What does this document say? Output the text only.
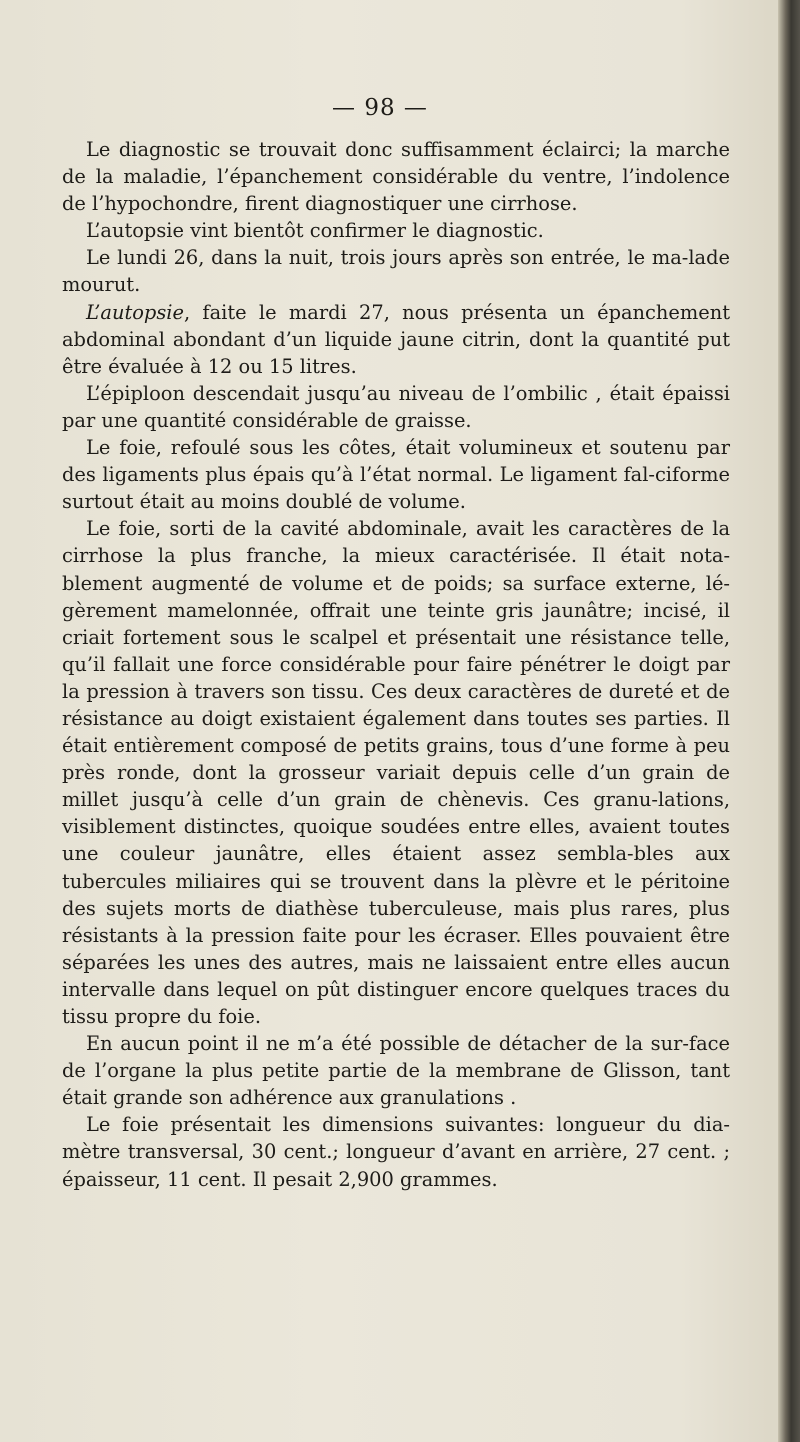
— 98 —

Le diagnostic se trouvait donc suffisamment éclairci; la marche de la maladie, l’épanchement considérable du ventre, l’indolence de l’hypochondre, firent diagnostiquer une cirrhose.

L’autopsie vint bientôt confirmer le diagnostic.

Le lundi 26, dans la nuit, trois jours après son entrée, le ma-lade mourut.

L’autopsie, faite le mardi 27, nous présenta un épanchement abdominal abondant d’un liquide jaune citrin, dont la quantité put être évaluée à 12 ou 15 litres.

L’épiploon descendait jusqu’au niveau de l’ombilic , était épaissi par une quantité considérable de graisse.

Le foie, refoulé sous les côtes, était volumineux et soutenu par des ligaments plus épais qu’à l’état normal. Le ligament fal-ciforme surtout était au moins doublé de volume.

Le foie, sorti de la cavité abdominale, avait les caractères de la cirrhose la plus franche, la mieux caractérisée. Il était nota-blement augmenté de volume et de poids; sa surface externe, lé-gèrement mamelonnée, offrait une teinte gris jaunâtre; incisé, il criait fortement sous le scalpel et présentait une résistance telle, qu’il fallait une force considérable pour faire pénétrer le doigt par la pression à travers son tissu. Ces deux caractères de dureté et de résistance au doigt existaient également dans toutes ses parties. Il était entièrement composé de petits grains, tous d’une forme à peu près ronde, dont la grosseur variait depuis celle d’un grain de millet jusqu’à celle d’un grain de chènevis. Ces granu-lations, visiblement distinctes, quoique soudées entre elles, avaient toutes une couleur jaunâtre, elles étaient assez sembla-bles aux tubercules miliaires qui se trouvent dans la plèvre et le péritoine des sujets morts de diathèse tuberculeuse, mais plus rares, plus résistants à la pression faite pour les écraser. Elles pouvaient être séparées les unes des autres, mais ne laissaient entre elles aucun intervalle dans lequel on pût distinguer encore quelques traces du tissu propre du foie.

En aucun point il ne m’a été possible de détacher de la sur-face de l’organe la plus petite partie de la membrane de Glisson, tant était grande son adhérence aux granulations .

Le foie présentait les dimensions suivantes: longueur du dia-mètre transversal, 30 cent.; longueur d’avant en arrière, 27 cent. ; épaisseur, 11 cent. Il pesait 2,900 grammes.
